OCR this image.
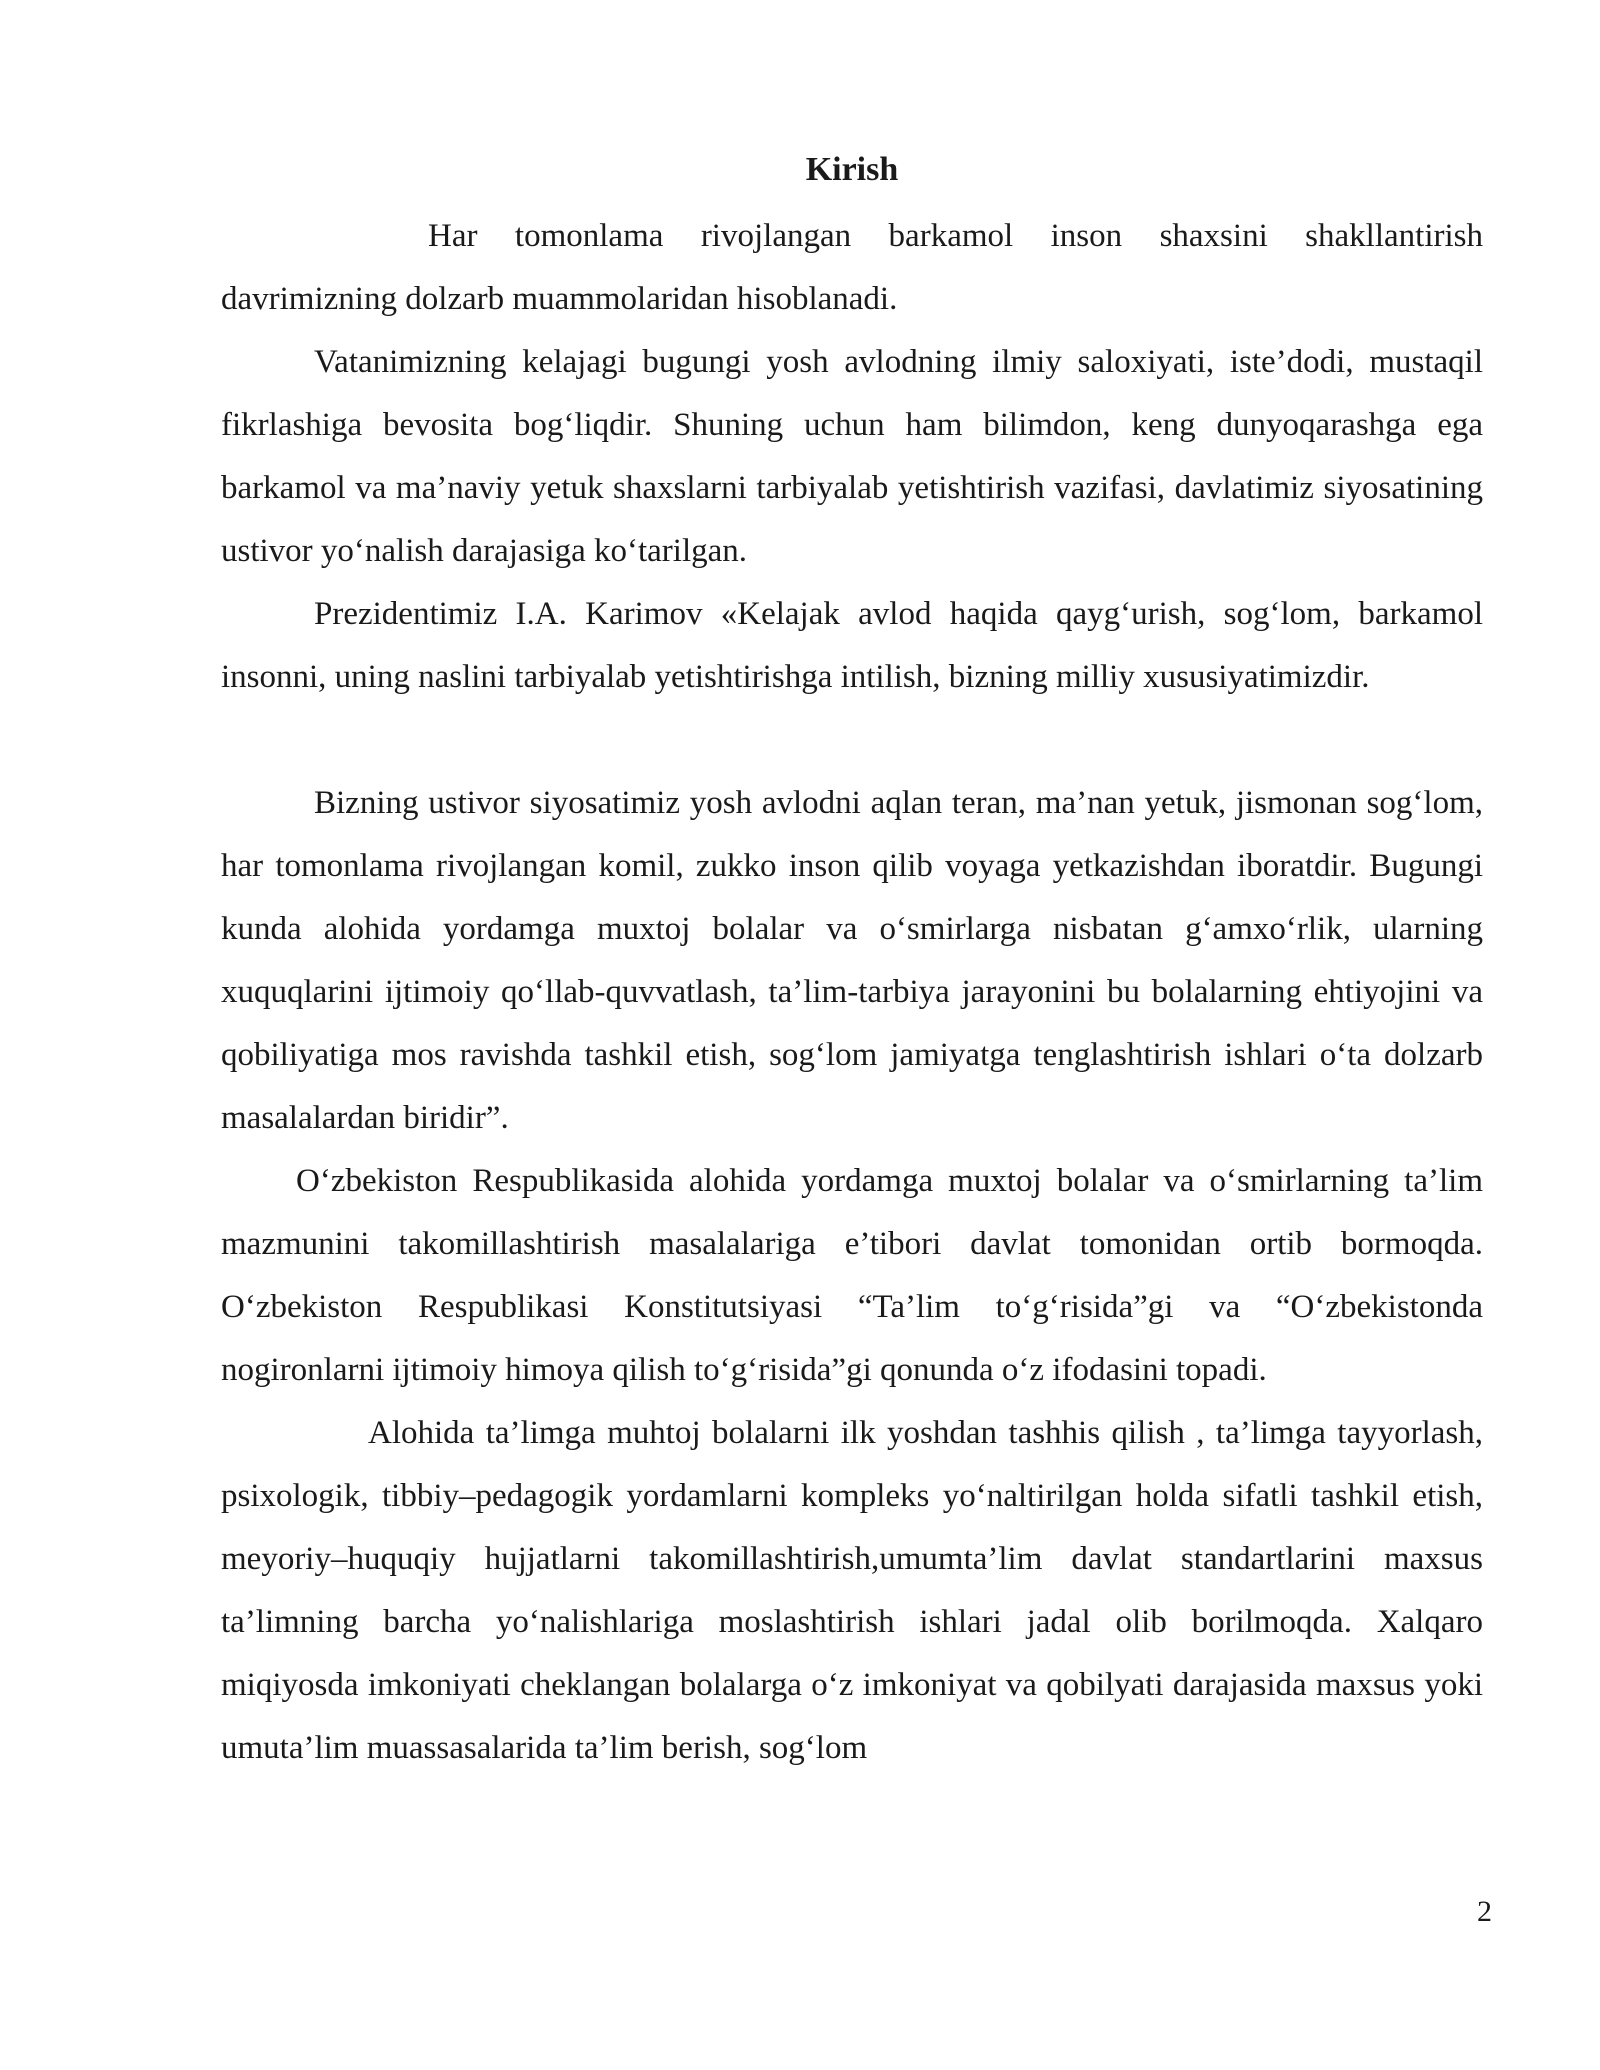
Kirish

Har tomonlama rivojlangan barkamol inson shaxsini shakllantirish davrimizning dolzarb muammolaridan hisoblanadi.

Vatanimizning kelajagi bugungi yosh avlodning ilmiy saloxiyati, iste’dodi, mustaqil fikrlashiga bevosita bog‘liqdir. Shuning uchun ham bilimdon, keng dunyoqarashga ega barkamol va ma’naviy yetuk shaxslarni tarbiyalab yetishtirish vazifasi, davlatimiz siyosatining ustivor yo‘nalish darajasiga ko‘tarilgan.

Prezidentimiz I.A. Karimov «Kelajak avlod haqida qayg‘urish, sog‘lom, barkamol insonni, uning naslini tarbiyalab yetishtirishga intilish, bizning milliy xususiyatimizdir.

Bizning ustivor siyosatimiz yosh avlodni aqlan teran, ma’nan yetuk, jismonan sog‘lom, har tomonlama rivojlangan komil, zukko inson qilib voyaga yetkazishdan iboratdir. Bugungi kunda alohida yordamga muxtoj bolalar va o‘smirlarga nisbatan g‘amxo‘rlik, ularning xuquqlarini ijtimoiy qo‘llab-quvvatlash, ta’lim-tarbiya jarayonini bu bolalarning ehtiyojini va qobiliyatiga mos ravishda tashkil etish, sog‘lom jamiyatga tenglashtirish ishlari o‘ta dolzarb masalalardan biridir”.

O‘zbekiston Respublikasida alohida yordamga muxtoj bolalar va o‘smirlarning ta’lim mazmunini takomillashtirish masalalariga e’tibori davlat tomonidan ortib bormoqda. O‘zbekiston Respublikasi Konstitutsiyasi “Ta’lim to‘g‘risida”gi va “O‘zbekistonda nogironlarni ijtimoiy himoya qilish to‘g‘risida”gi qonunda o‘z ifodasini topadi.

Alohida ta’limga muhtoj bolalarni ilk yoshdan tashhis qilish , ta’limga tayyorlash, psixologik, tibbiy–pedagogik yordamlarni kompleks yo‘naltirilgan holda sifatli tashkil etish, meyoriy–huquqiy hujjatlarni takomillashtirish,umumta’lim davlat standartlarini maxsus ta’limning barcha yo‘nalishlariga moslashtirish ishlari jadal olib borilmoqda. Xalqaro miqiyosda imkoniyati cheklangan bolalarga o‘z imkoniyat va qobilyati darajasida maxsus yoki umuta’lim muassasalarida ta’lim berish, sog‘lom

2
